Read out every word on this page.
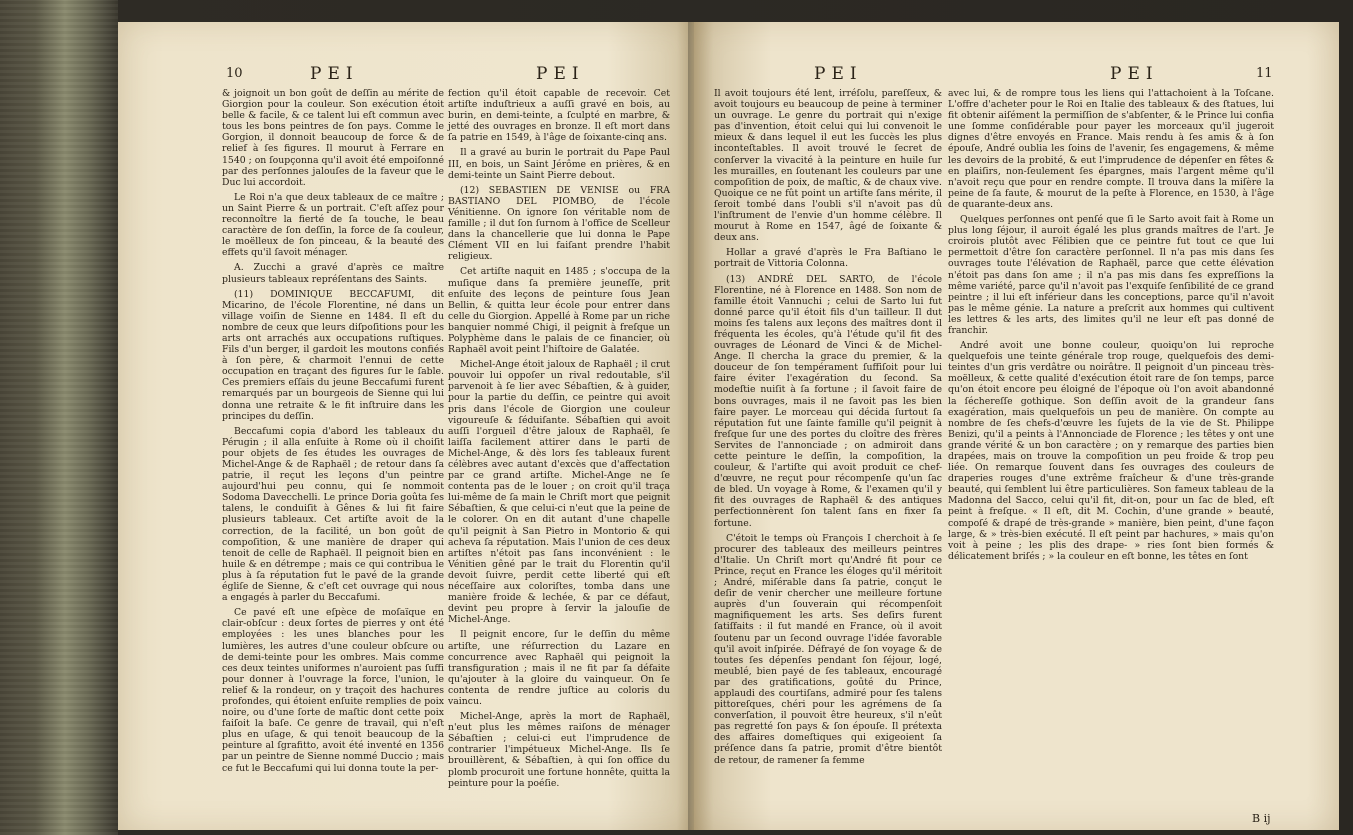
10	PEI	PEI

& joignoit un bon goût de deſſin au mérite de Giorgion pour la couleur. Son exécution étoit belle & facile, & ce talent lui eſt commun avec tous les bons peintres de ſon pays. Comme le Gorgion, il donnoit beaucoup de force & de relief à ſes figures. Il mourut à Ferrare en 1540 ; on ſoupçonna qu'il avoit été empoiſonné par des perſonnes jalouſes de la faveur que le Duc lui accordoit.

Le Roi n'a que deux tableaux de ce maître ; un Saint Pierre & un portrait. C'eſt aſſez pour reconnoître la fierté de ſa touche, le beau caractère de ſon deſſin, la force de ſa couleur, le moëlleux de ſon pinceau, & la beauté des effets qu'il ſavoit ménager.

A. Zucchi a gravé d'après ce maître plusieurs tableaux repréſentans des Saints.

(11) DOMINIQUE BECCAFUMI, dit Micarino, de l'école Florentine, né dans un village voiſin de Sienne en 1484. Il eſt du nombre de ceux que leurs diſpoſitions pour les arts ont arrachés aux occupations ruſtiques. Fils d'un berger, il gardoit les moutons confiés à ſon père, & charmoit l'ennui de cette occupation en traçant des figures ſur le ſable. Ces premiers eſſais du jeune Beccafumi furent remarqués par un bourgeois de Sienne qui lui donna une retraite & le fit inſtruire dans les principes du deſſin.

Beccafumi copia d'abord les tableaux du Pérugin ; il alla enſuite à Rome où il choiſit pour objets de ſes études les ouvrages de Michel-Ange & de Raphaël ; de retour dans ſa patrie, il reçut les leçons d'un peintre aujourd'hui peu connu, qui ſe nommoit Sodoma Davecchelli. Le prince Doria goûta ſes talens, le conduiſit à Gênes & lui fit faire plusieurs tableaux. Cet artiſte avoit de la correction, de la facilité, un bon goût de compoſition, & une manière de draper qui tenoit de celle de Raphaël. Il peignoit bien en huile & en détrempe ; mais ce qui contribua le plus à ſa réputation fut le pavé de la grande égliſe de Sienne, & c'eſt cet ouvrage qui nous a engagés à parler du Beccafumi.

Ce pavé eſt une eſpèce de moſaïque en clair-obſcur : deux ſortes de pierres y ont été employées : les unes blanches pour les lumières, les autres d'une couleur obſcure ou de demi-teinte pour les ombres. Mais comme ces deux teintes uniformes n'auroient pas ſuffi pour donner à l'ouvrage la force, l'union, le relief & la rondeur, on y traçoit des hachures profondes, qui étoient enſuite remplies de poix noire, ou d'une ſorte de maſtic dont cette poix faiſoit la baſe. Ce genre de travail, qui n'eſt plus en uſage, & qui tenoit beaucoup de la peinture al ſgrafitto, avoit été inventé en 1356 par un peintre de Sienne nommé Duccio ; mais ce fut le Beccafumi qui lui donna toute la per-

fection qu'il étoit capable de recevoir. Cet artiſte induſtrieux a auſſi gravé en bois, au burin, en demi-teinte, a ſculpté en marbre, & jetté des ouvrages en bronze. Il eſt mort dans ſa patrie en 1549, à l'âge de ſoixante-cinq ans.

Il a gravé au burin le portrait du Pape Paul III, en bois, un Saint Jérôme en prières, & en demi-teinte un Saint Pierre debout.

(12) SEBASTIEN DE VENISE ou FRA BASTIANO DEL PIOMBO, de l'école Vénitienne. On ignore ſon véritable nom de famille ; il dut ſon ſurnom à l'office de Scelleur dans la chancellerie que lui donna le Pape Clément VII en lui faiſant prendre l'habit religieux.

Cet artiſte naquit en 1485 ; s'occupa de la muſique dans ſa première jeuneſſe, prit enſuite des leçons de peinture ſous Jean Bellin, & quitta leur école pour entrer dans celle du Giorgion. Appellé à Rome par un riche banquier nommé Chigi, il peignit à freſque un Polyphème dans le palais de ce financier, où Raphaël avoit peint l'hiſtoire de Galatée.

Michel-Ange étoit jaloux de Raphaël ; il crut pouvoir lui oppoſer un rival redoutable, s'il parvenoit à ſe lier avec Sébaſtien, & à guider, pour la partie du deſſin, ce peintre qui avoit pris dans l'école de Giorgion une couleur vigoureuſe & ſéduiſante. Sébaſtien qui avoit auſſi l'orgueil d'être jaloux de Raphaël, ſe laiſſa facilement attirer dans le parti de Michel-Ange, & dès lors ſes tableaux furent célèbres avec autant d'excès que d'affectation par ce grand artiſte. Michel-Ange ne ſe contenta pas de le louer ; on croit qu'il traça lui-même de ſa main le Chriſt mort que peignit Sébaſtien, & que celui-ci n'eut que la peine de le colorer. On en dit autant d'une chapelle qu'il peignit à San Pietro in Montorio & qui acheva ſa réputation. Mais l'union de ces deux artiſtes n'étoit pas ſans inconvénient : le Vénitien gêné par le trait du Florentin qu'il devoit ſuivre, perdit cette liberté qui eſt néceſſaire aux coloriſtes, tomba dans une manière froide & lechée, & par ce défaut, devint peu propre à ſervir la jalouſie de Michel-Ange.

Il peignit encore, ſur le deſſin du même artiſte, une réſurrection du Lazare en concurrence avec Raphaël qui peignoit la transfiguration ; mais il ne fit par ſa défaite qu'ajouter à la gloire du vainqueur. On ſe contenta de rendre juſtice au coloris du vaincu.

Michel-Ange, après la mort de Raphaël, n'eut plus les mêmes raiſons de ménager Sébaſtien ; celui-ci eut l'imprudence de contrarier l'impétueux Michel-Ange. Ils ſe brouillèrent, & Sébaſtien, à qui ſon office du plomb procuroit une fortune honnête, quitta la peinture pour la poéſie.

PEI	PEI	11

Il avoit toujours été lent, irréſolu, pareſſeux, & avoit toujours eu beaucoup de peine à terminer un ouvrage. Le genre du portrait qui n'exige pas d'invention, étoit celui qui lui convenoit le mieux & dans lequel il eut les ſuccès les plus inconteſtables. Il avoit trouvé le ſecret de conſerver la vivacité à la peinture en huile ſur les murailles, en ſoutenant les couleurs par une compoſition de poix, de maſtic, & de chaux vive. Quoique ce ne fût point un artiſte ſans mérite, il ſeroit tombé dans l'oubli s'il n'avoit pas dû l'inſtrument de l'envie d'un homme célèbre. Il mourut à Rome en 1547, âgé de ſoixante & deux ans.

Hollar a gravé d'après le Fra Baſtiano le portrait de Vittoria Colonna.

(13) ANDRÉ DEL SARTO, de l'école Florentine, né à Florence en 1488. Son nom de famille étoit Vannuchi ; celui de Sarto lui fut donné parce qu'il étoit fils d'un tailleur. Il dut moins ſes talens aux leçons des maîtres dont il fréquenta les écoles, qu'à l'étude qu'il fit des ouvrages de Léonard de Vinci & de Michel-Ange. Il chercha la grace du premier, & la douceur de ſon tempérament ſuffiſoit pour lui faire éviter l'exagération du ſecond. Sa modeſtie nuiſit à ſa fortune ; il ſavoit faire de bons ouvrages, mais il ne ſavoit pas les bien faire payer. Le morceau qui décida ſurtout ſa réputation fut une ſainte famille qu'il peignit à freſque ſur une des portes du cloître des frères Servites de l'annonciade ; on admiroit dans cette peinture le deſſin, la compoſition, la couleur, & l'artiſte qui avoit produit ce chef-d'œuvre, ne reçut pour récompenſe qu'un ſac de bled. Un voyage à Rome, & l'examen qu'il y fit des ouvrages de Raphaël & des antiques perfectionnèrent ſon talent ſans en fixer ſa fortune.

C'étoit le temps où François I cherchoit à ſe procurer des tableaux des meilleurs peintres d'Italie. Un Chriſt mort qu'André fit pour ce Prince, reçut en France les éloges qu'il méritoit ; André, miſérable dans ſa patrie, conçut le deſir de venir chercher une meilleure fortune auprès d'un ſouverain qui récompenſoit magnifiquement les arts. Ses deſirs furent ſatiſfaits : il fut mandé en France, où il avoit ſoutenu par un ſecond ouvrage l'idée favorable qu'il avoit inſpirée. Défrayé de ſon voyage & de toutes ſes dépenſes pendant ſon ſéjour, logé, meublé, bien payé de ſes tableaux, encouragé par des gratifications, goûté du Prince, applaudi des courtiſans, admiré pour ſes talens pittoreſques, chéri pour les agrémens de ſa converſation, il pouvoit être heureux, s'il n'eût pas regretté ſon pays & ſon épouſe. Il prétexta des affaires domeſtiques qui exigeoient ſa préſence dans ſa patrie, promit d'être bientôt de retour, de ramener ſa femme

avec lui, & de rompre tous les liens qui l'attachoient à la Toſcane. L'offre d'acheter pour le Roi en Italie des tableaux & des ſtatues, lui fit obtenir aiſément la permiſſion de s'abſenter, & le Prince lui confia une ſomme conſidérable pour payer les morceaux qu'il jugeroit dignes d'être envoyés en France. Mais rendu à ſes amis & à ſon épouſe, André oublia les ſoins de l'avenir, ſes engagemens, & même les devoirs de la probité, & eut l'imprudence de dépenſer en fêtes & en plaiſirs, non-ſeulement ſes épargnes, mais l'argent même qu'il n'avoit reçu que pour en rendre compte. Il trouva dans la miſère la peine de ſa faute, & mourut de la peſte à Florence, en 1530, à l'âge de quarante-deux ans.

Quelques perſonnes ont penſé que ſi le Sarto avoit fait à Rome un plus long ſéjour, il auroit égalé les plus grands maîtres de l'art. Je croirois plutôt avec Félibien que ce peintre fut tout ce que lui permettoit d'être ſon caractère perſonnel. Il n'a pas mis dans ſes ouvrages toute l'élévation de Raphaël, parce que cette élévation n'étoit pas dans ſon ame ; il n'a pas mis dans ſes expreſſions la même variété, parce qu'il n'avoit pas l'exquiſe ſenſibilité de ce grand peintre ; il lui eſt inférieur dans les conceptions, parce qu'il n'avoit pas le même génie. La nature a preſcrit aux hommes qui cultivent les lettres & les arts, des limites qu'il ne leur eſt pas donné de franchir.

André avoit une bonne couleur, quoiqu'on lui reproche quelquefois une teinte générale trop rouge, quelquefois des demi-teintes d'un gris verdâtre ou noirâtre. Il peignoit d'un pinceau très-moëlleux, & cette qualité d'exécution étoit rare de ſon temps, parce qu'on étoit encore peu éloigné de l'époque où l'on avoit abandonné la ſéchereſſe gothique. Son deſſin avoit de la grandeur ſans exagération, mais quelquefois un peu de manière. On compte au nombre de ſes chefs-d'œuvre les ſujets de la vie de St. Philippe Benizi, qu'il a peints à l'Annonciade de Florence ; les têtes y ont une grande vérité & un bon caractère ; on y remarque des parties bien drapées, mais on trouve la compoſition un peu froide & trop peu liée. On remarque ſouvent dans ſes ouvrages des couleurs de draperies rouges d'une extrême fraîcheur & d'une très-grande beauté, qui ſemblent lui être particulières. Son fameux tableau de la Madonna del Sacco, celui qu'il fit, dit-on, pour un ſac de bled, eſt peint à freſque. « Il eſt, dit M. Cochin, d'une grande » beauté, compoſé & drapé de très-grande » manière, bien peint, d'une façon large, & » très-bien exécuté. Il eſt peint par hachures, » mais qu'on voit à peine ; les plis des drape- » ries ſont bien formés & délicatement briſés ; » la couleur en eſt bonne, les têtes en ſont

B ij
